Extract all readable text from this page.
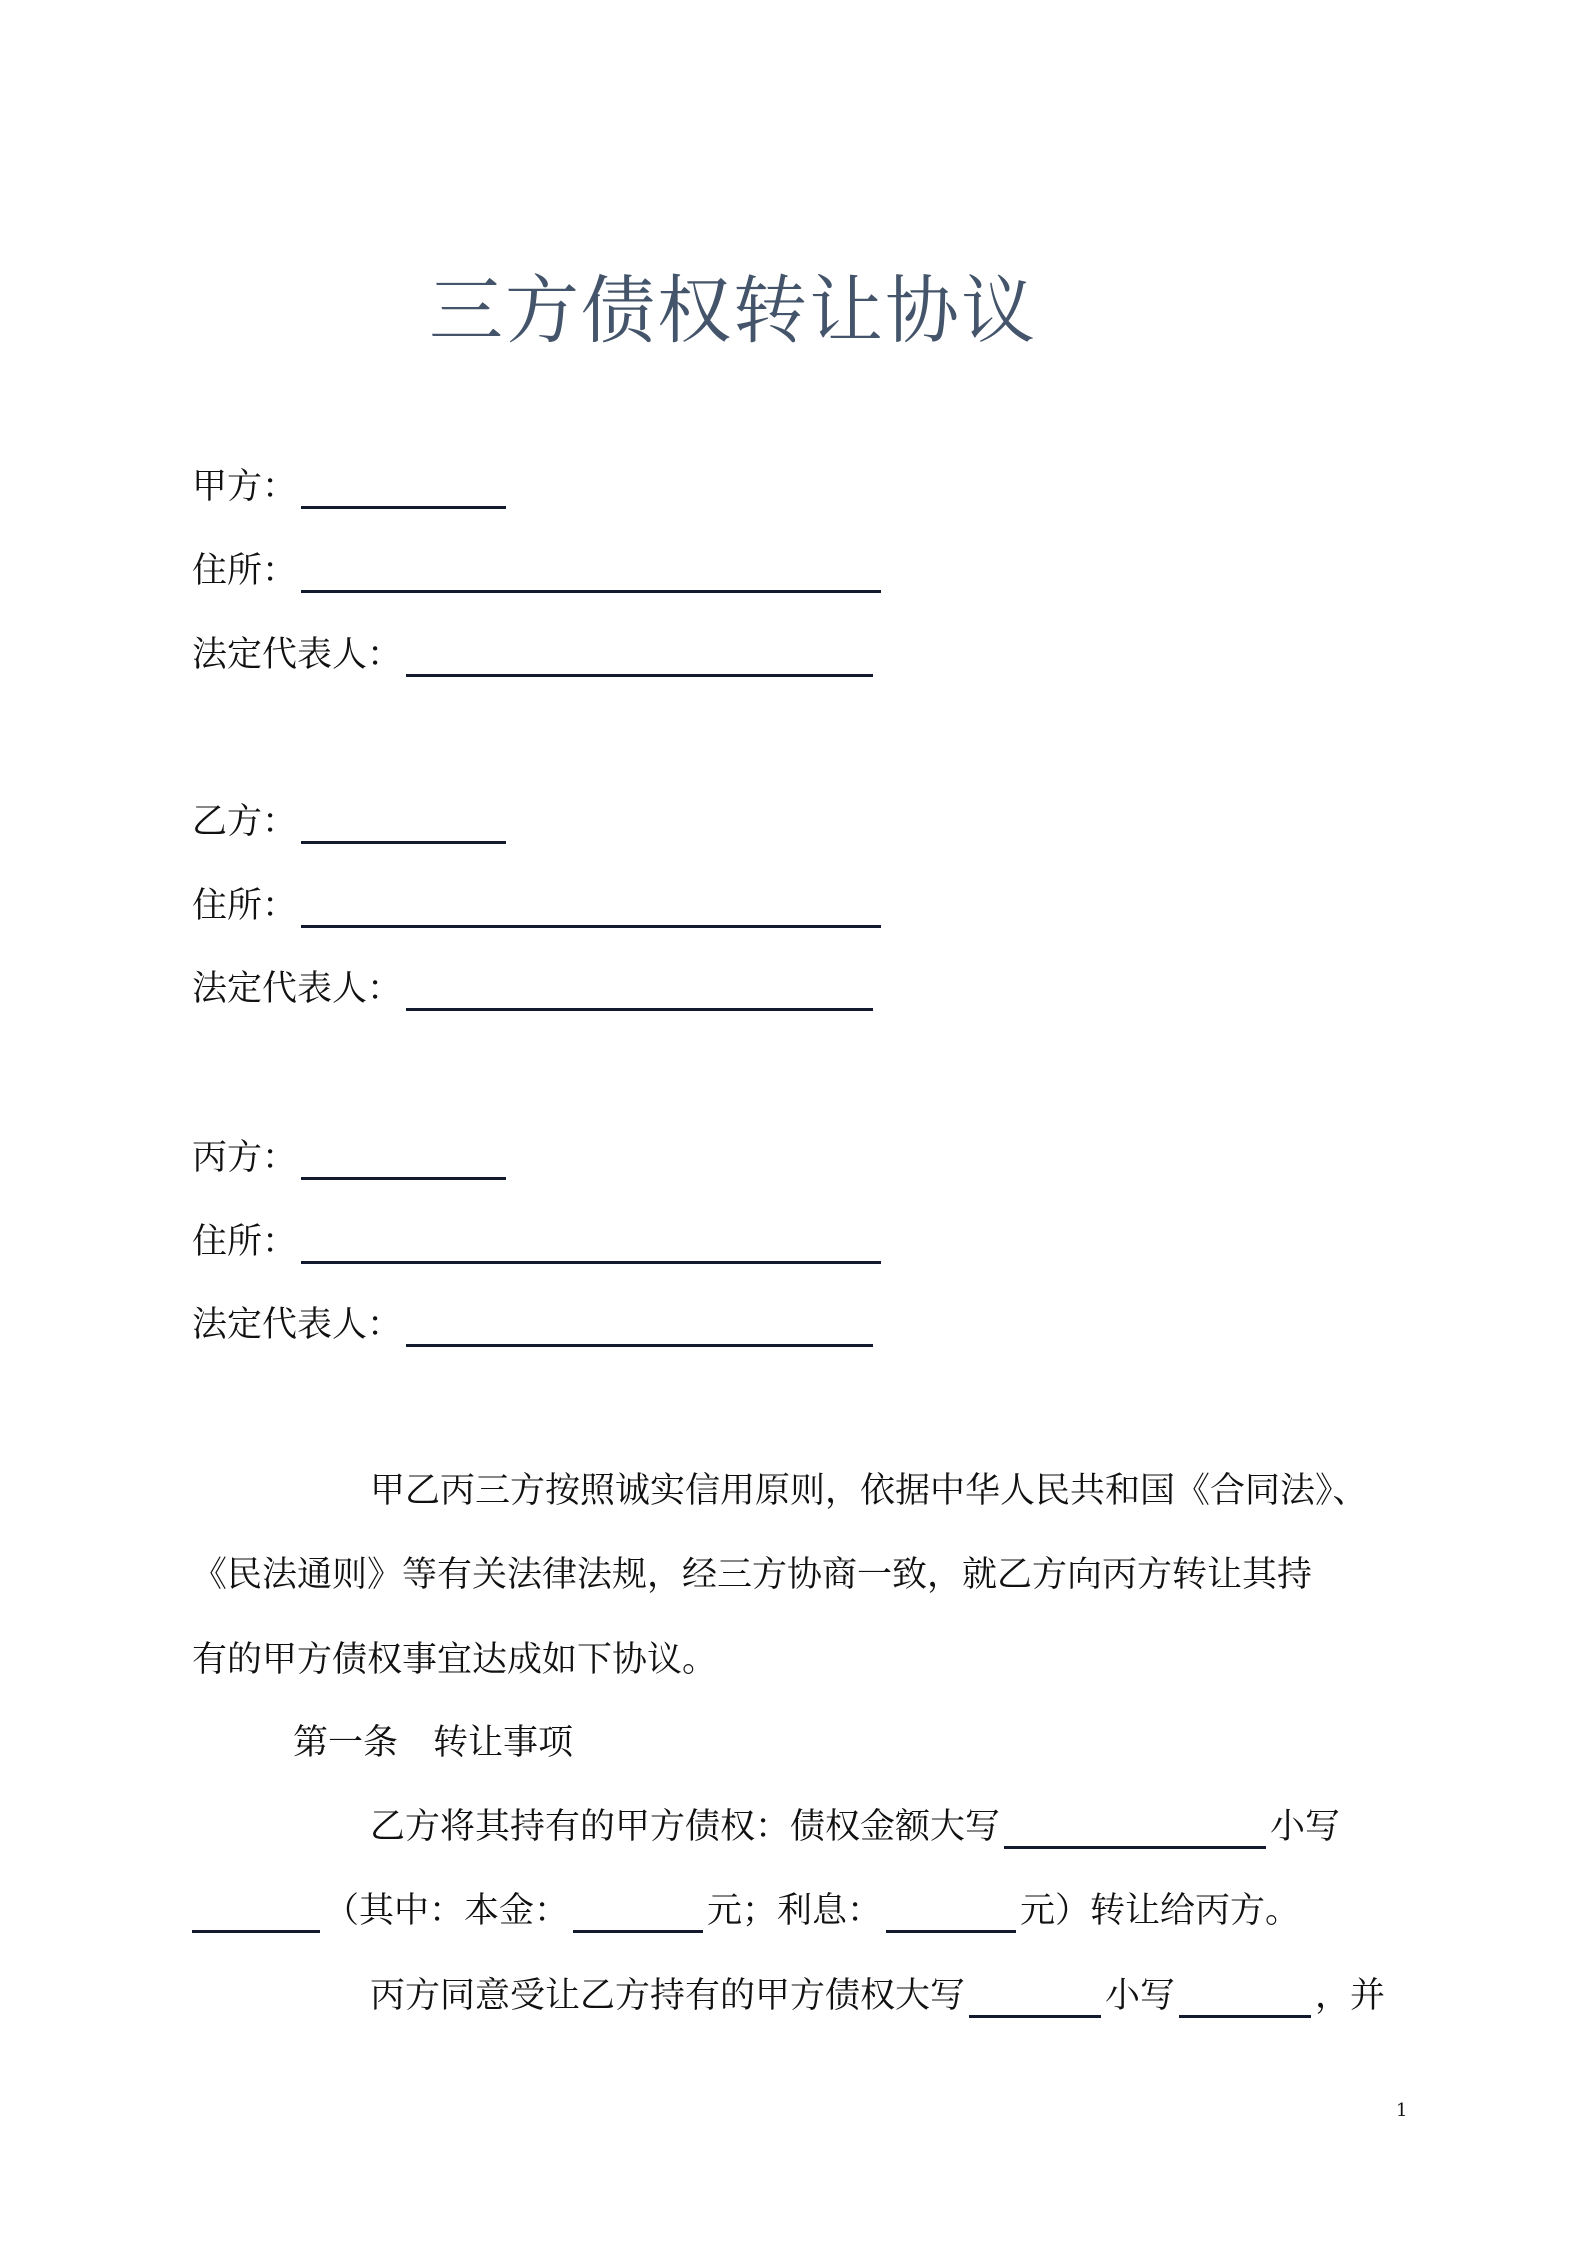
三方债权转让协议
甲方：
住所：
法定代表人：
乙方：
住所：
法定代表人：
丙方：
住所：
法定代表人：
甲乙丙三方按照诚实信用原则，依据中华人民共和国《合同法》、
《民法通则》等有关法律法规，经三方协商一致，就乙方向丙方转让其持
有的甲方债权事宜达成如下协议。
第一条　转让事项
乙方将其持有的甲方债权：债权金额大写	小写
（其中：本金：	元；利息：	元）转让给丙方。
丙方同意受让乙方持有的甲方债权大写	小写	，并
1
